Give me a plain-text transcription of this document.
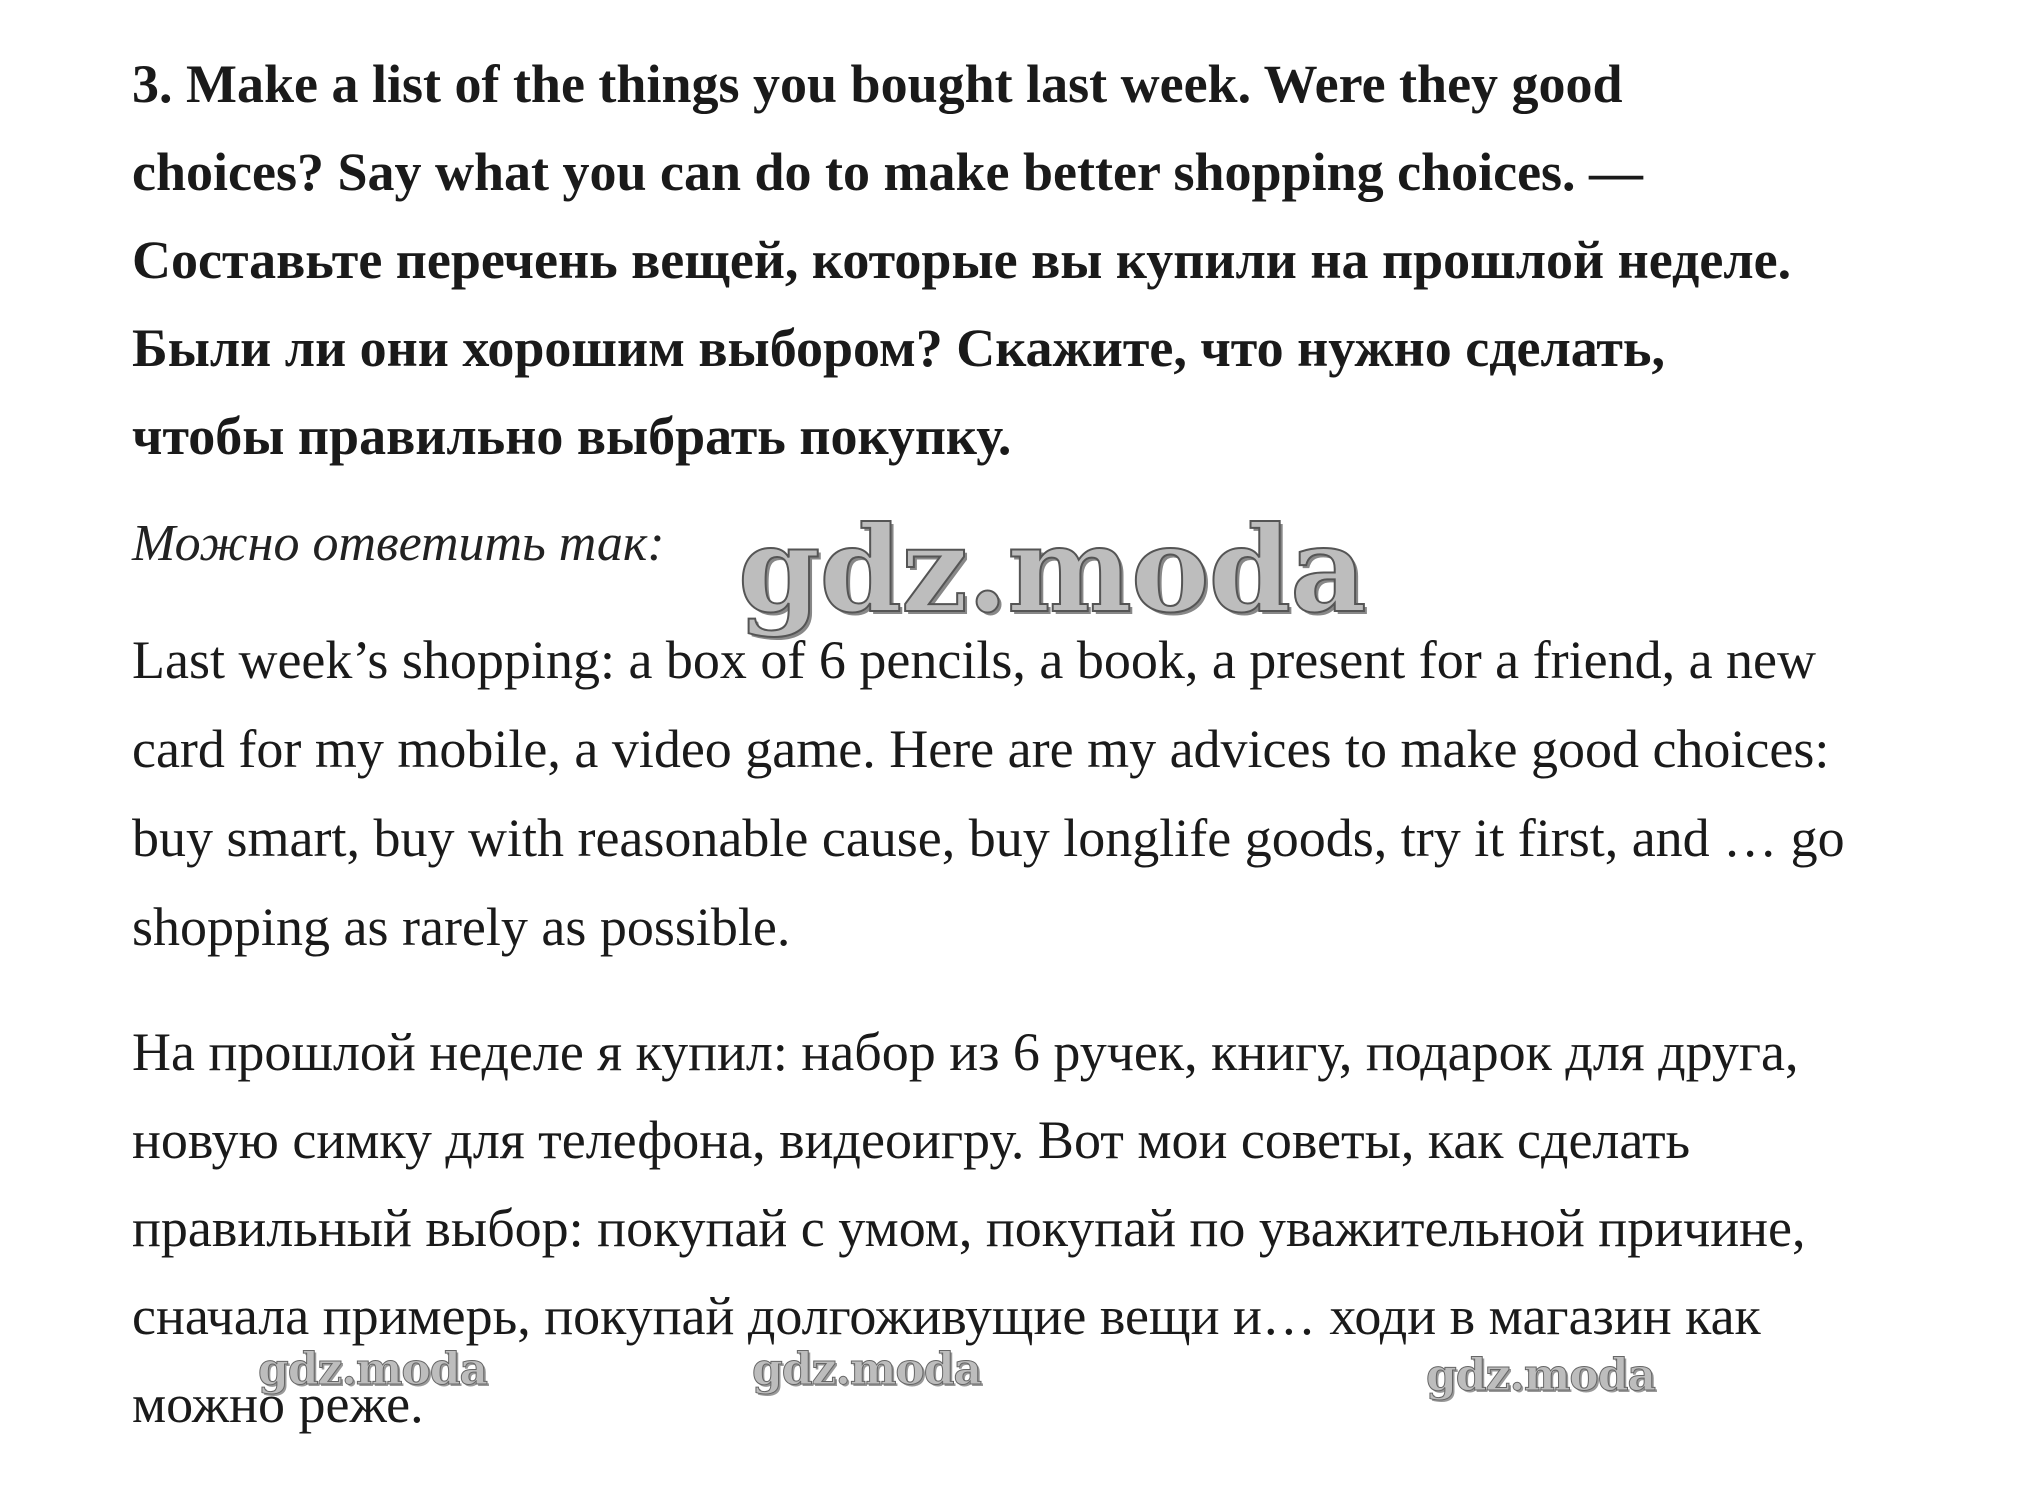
3. Make a list of the things you bought last week. Were they good choices? Say what you can do to make better shopping choices. — Составьте перечень вещей, которые вы купили на прошлой неделе. Были ли они хорошим выбором? Скажите, что нужно сделать, чтобы правильно выбрать покупку.

Можно ответить так:

Last week’s shopping: a box of 6 pencils, a book, a present for a friend, a new card for my mobile, a video game. Here are my advices to make good choices: buy smart, buy with reasonable cause, buy longlife goods, try it first, and … go shopping as rarely as possible.

На прошлой неделе я купил: набор из 6 ручек, книгу, подарок для друга, новую симку для телефона, видеоигру. Вот мои советы, как сделать правильный выбор: покупай с умом, покупай по уважительной причине, сначала примерь, покупай долгоживущие вещи и… ходи в магазин как можно реже.

gdz.moda
gdz.moda	gdz.moda	gdz.moda
